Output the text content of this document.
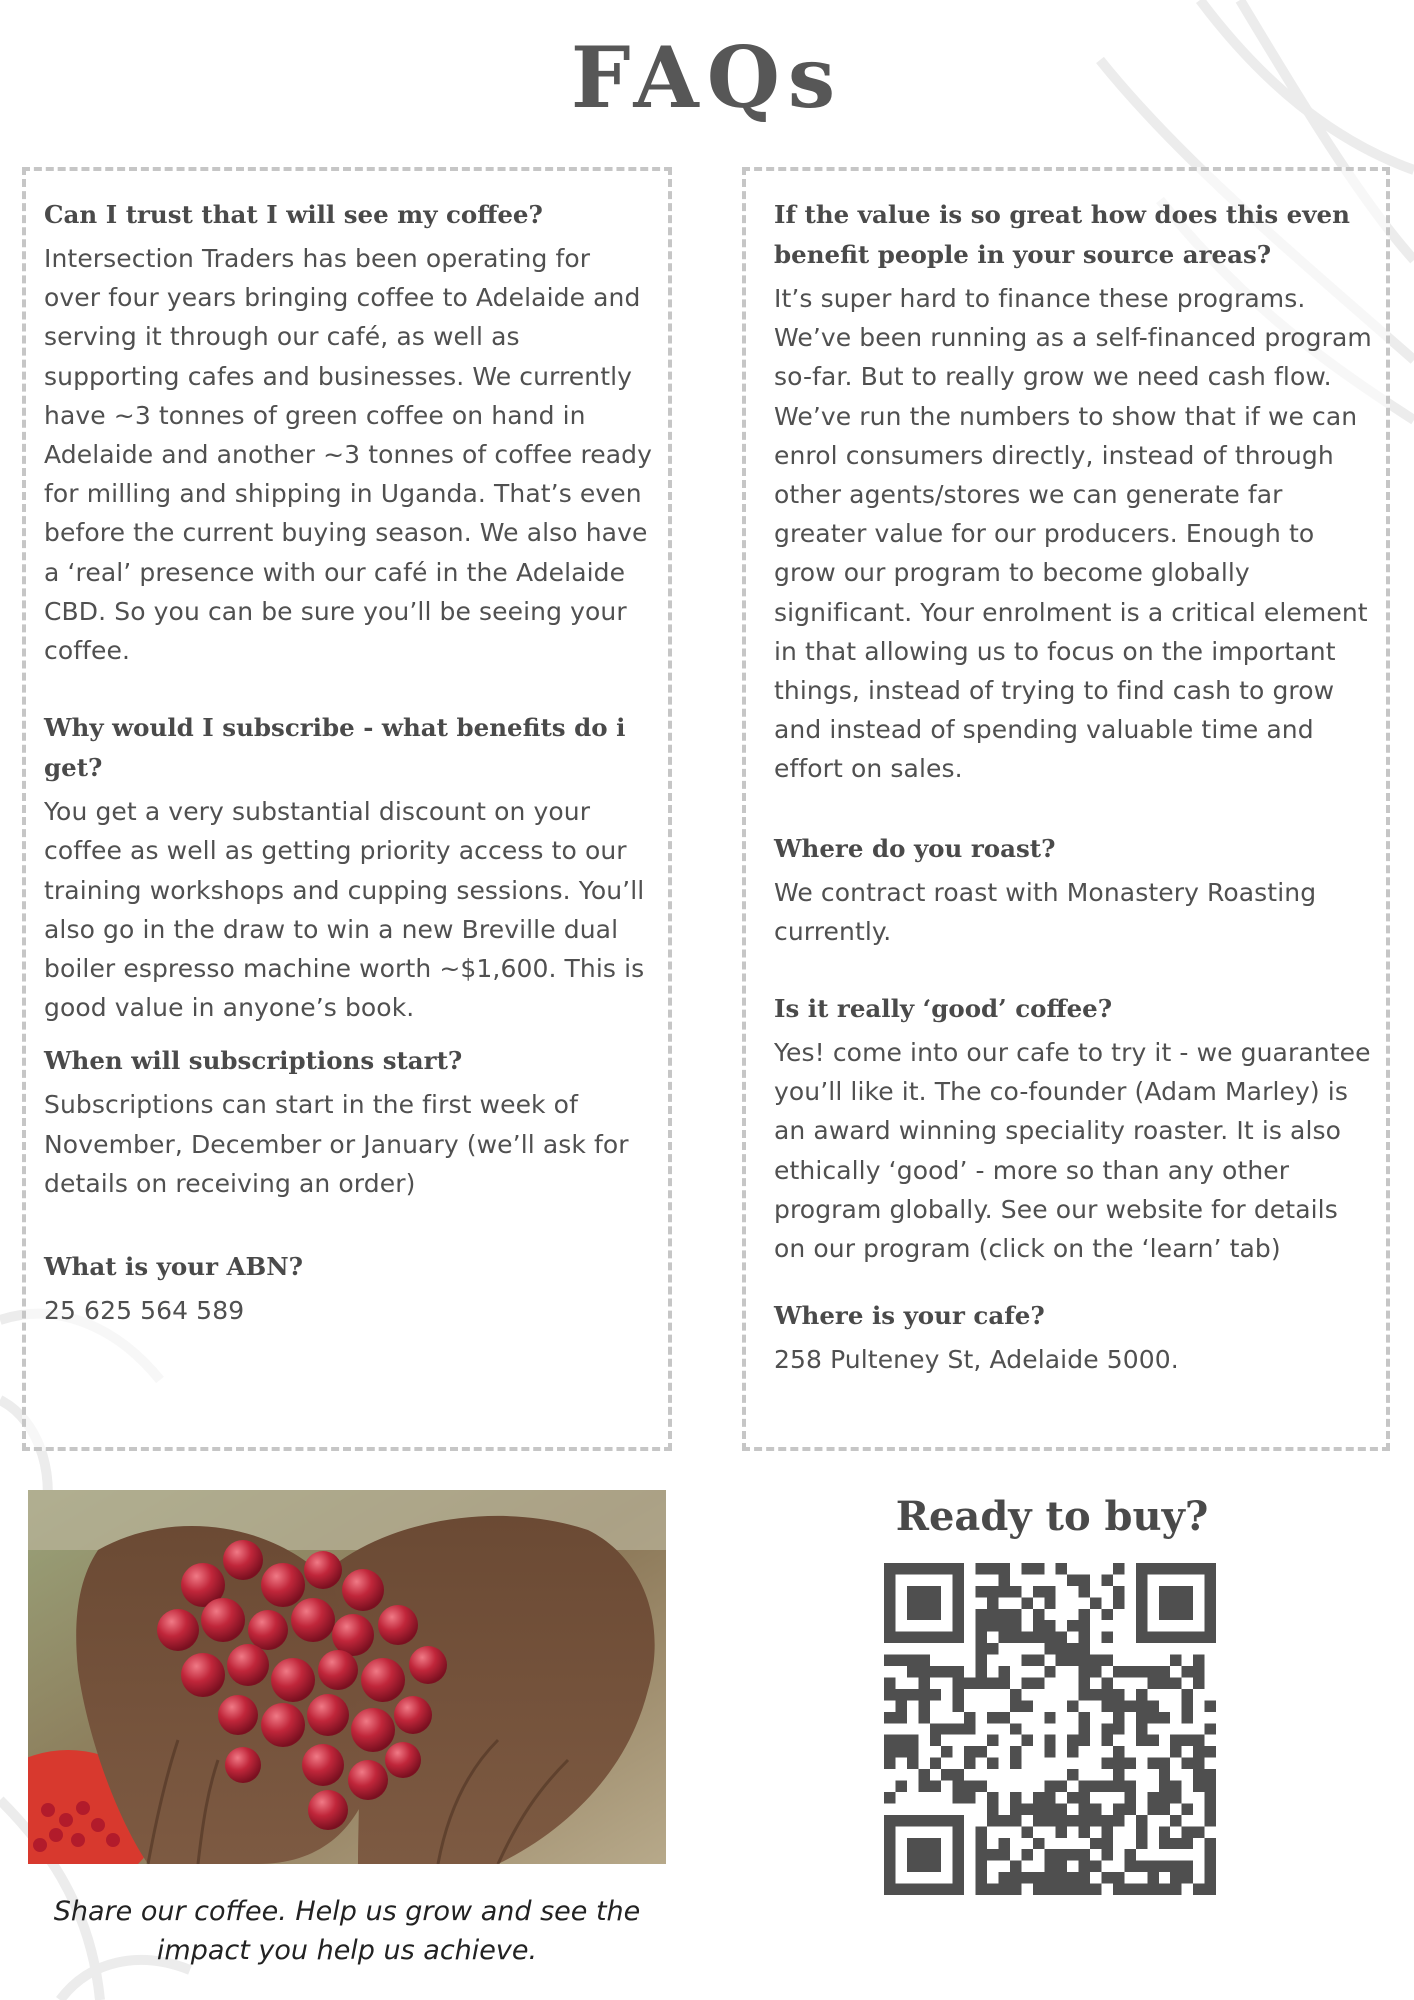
FAQs

Can I trust that I will see my coffee?

Intersection Traders has been operating for over four years bringing coffee to Adelaide and serving it through our café, as well as supporting cafes and businesses. We currently have ~3 tonnes of green coffee on hand in Adelaide and another ~3 tonnes of coffee ready for milling and shipping in Uganda. That’s even before the current buying season. We also have a ‘real’ presence with our café in the Adelaide CBD. So you can be sure you’ll be seeing your coffee.

Why would I subscribe - what benefits do i get?

You get a very substantial discount on your coffee as well as getting priority access to our training workshops and cupping sessions. You’ll also go in the draw to win a new Breville dual boiler espresso machine worth ~$1,600. This is good value in anyone’s book.

When will subscriptions start?

Subscriptions can start in the first week of November, December or January (we’ll ask for details on receiving an order)

What is your ABN?

25 625 564 589

If the value is so great how does this even benefit people in your source areas?

It’s super hard to finance these programs. We’ve been running as a self-financed program so-far. But to really grow we need cash flow. We’ve run the numbers to show that if we can enrol consumers directly, instead of through other agents/stores we can generate far greater value for our producers. Enough to grow our program to become globally significant. Your enrolment is a critical element in that allowing us to focus on the important things, instead of trying to find cash to grow and instead of spending valuable time and effort on sales.

Where do you roast?

We contract roast with Monastery Roasting currently.

Is it really ‘good’ coffee?

Yes! come into our cafe to try it - we guarantee you’ll like it. The co-founder (Adam Marley) is an award winning speciality roaster. It is also ethically ‘good’ - more so than any other program globally. See our website for details on our program (click on the ‘learn’ tab)

Where is your cafe?

258 Pulteney St, Adelaide 5000.

Share our coffee. Help us grow and see the impact you help us achieve.

Ready to buy?
